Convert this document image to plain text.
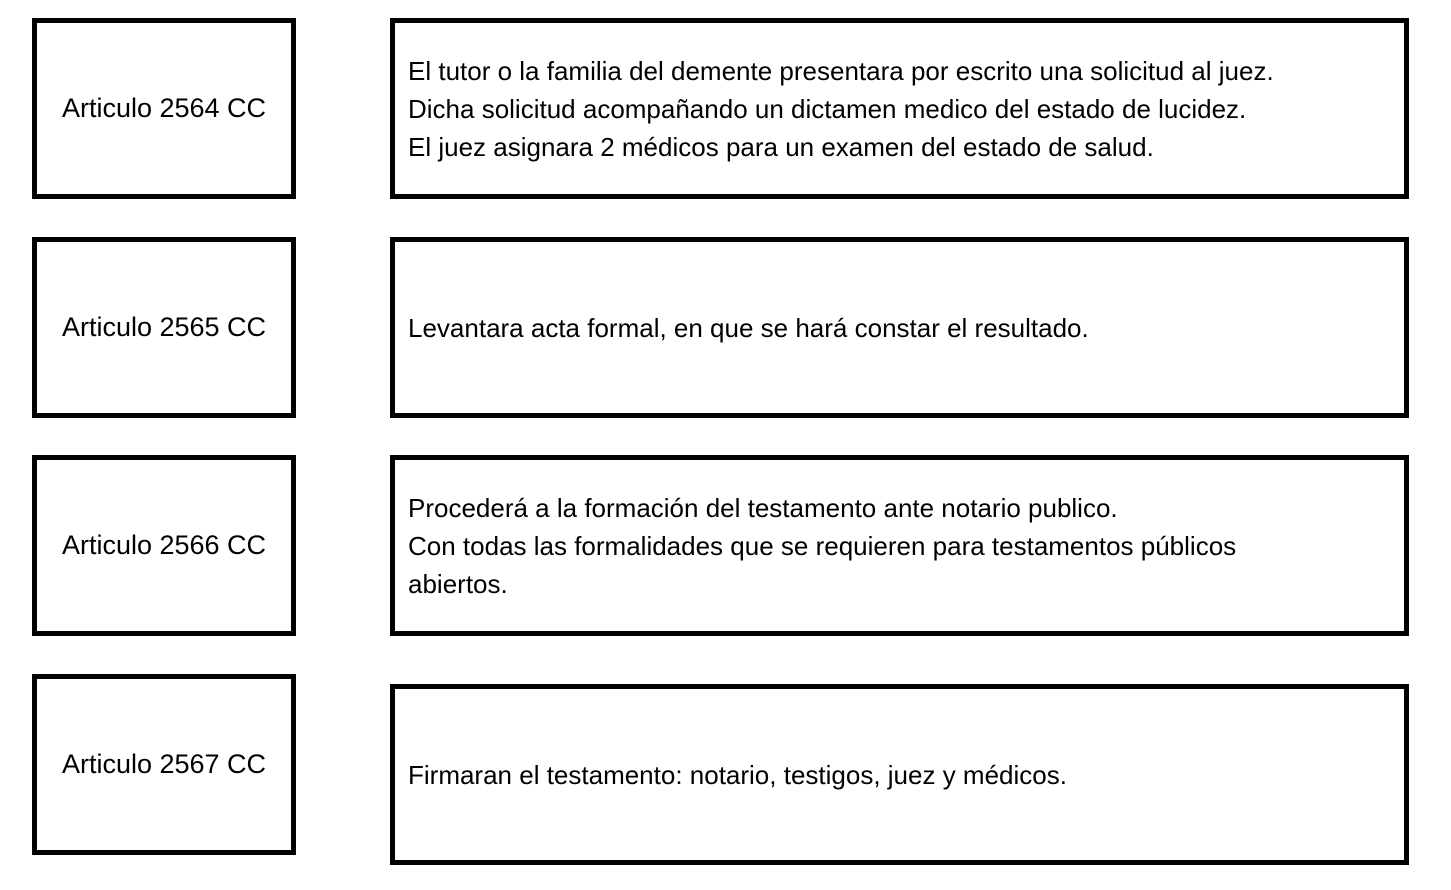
Articulo 2564 CC
El tutor o la familia del demente presentara por escrito una solicitud al juez.
Dicha solicitud acompañando un dictamen medico del estado de lucidez.
El juez asignara 2 médicos para un examen del estado de salud.
Articulo 2565 CC	Levantara acta formal, en que se hará constar el resultado.
Articulo 2566 CC
Procederá a la formación del testamento ante notario publico.
Con todas las formalidades que se requieren para testamentos públicos
abiertos.
Articulo 2567 CC	Firmaran el testamento: notario, testigos, juez y médicos.
